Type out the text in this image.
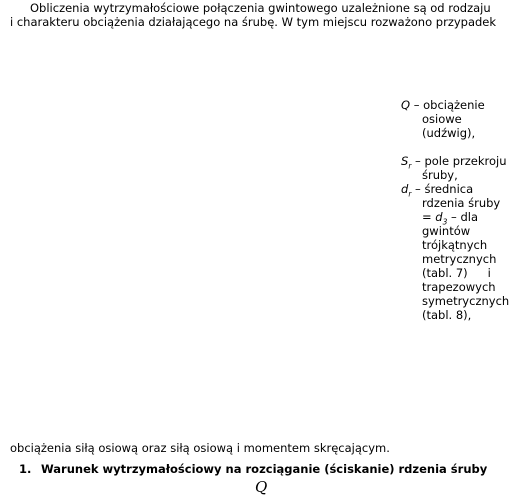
Obliczenia wytrzymałościowe połączenia gwintowego uzależnione są od rodzaju

i charakteru obciążenia działającego na śrubę. W tym miejscu rozważono przypadek

Q – obciążenie

osiowe

(udźwig),

$S_r$ – pole przekroju

śruby,

$d_r$ – średnica

rdzenia śruby

= $d_3$ – dla

gwintów

trójkątnych

metrycznych

(tabl. 7) i

trapezowych

symetrycznych

(tabl. 8),

obciążenia siłą osiową oraz siłą osiową i momentem skręcającym.

1. Warunek wytrzymałościowy na rozciąganie (ściskanie) rdzenia śruby

Q
